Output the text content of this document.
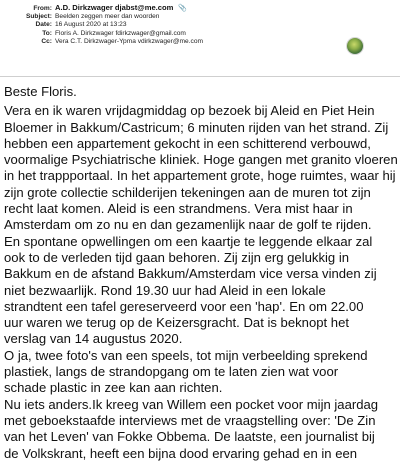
From: A.D. Dirkzwager djabst@me.com 📎
Subject: Beelden zeggen meer dan woorden
Date: 16 August 2020 at 13:23
To: Floris A. Dirkzwager fdirkzwager@gmail.com
Cc: Vera C.T. Dirkzwager-Ypma vdirkzwager@me.com
Beste Floris.
Vera en ik waren vrijdagmiddag op bezoek bij Aleid en Piet Hein
Bloemer in Bakkum/Castricum; 6 minuten rijden van het strand. Zij
hebben een appartement gekocht in een schitterend verbouwd,
voormalige Psychiatrische kliniek. Hoge gangen met granito vloeren
in het trappportaal. In het appartement grote, hoge ruimtes, waar hij
zijn grote collectie schilderijen tekeningen aan de muren tot zijn
recht laat komen. Aleid is een strandmens. Vera mist haar in
Amsterdam om zo nu en dan gezamenlijk naar de golf te rijden.
En spontane opwellingen om een kaartje te leggende elkaar zal
ook to de verleden tijd gaan behoren. Zij zijn erg gelukkig in
Bakkum en de afstand Bakkum/Amsterdam vice versa vinden zij
niet bezwaarlijk. Rond 19.30 uur had Aleid in een lokale
strandtent een tafel gereserveerd voor een 'hap'. En om 22.00
uur waren we terug op de Keizersgracht. Dat is beknopt het
verslag van 14 augustus 2020.
O ja, twee foto's van een speels, tot mijn verbeelding sprekend
plastiek, langs de strandopgang om te laten zien wat voor
schade plastic in zee kan aan richten.
Nu iets anders.Ik kreeg van Willem een pocket voor mijn jaardag
met geboekstaafde interviews met de vraagstelling over: 'De Zin
van het Leven' van Fokke Obbema. De laatste, een journalist bij
de Volkskrant, heeft een bijna dood ervaring gehad en in een
